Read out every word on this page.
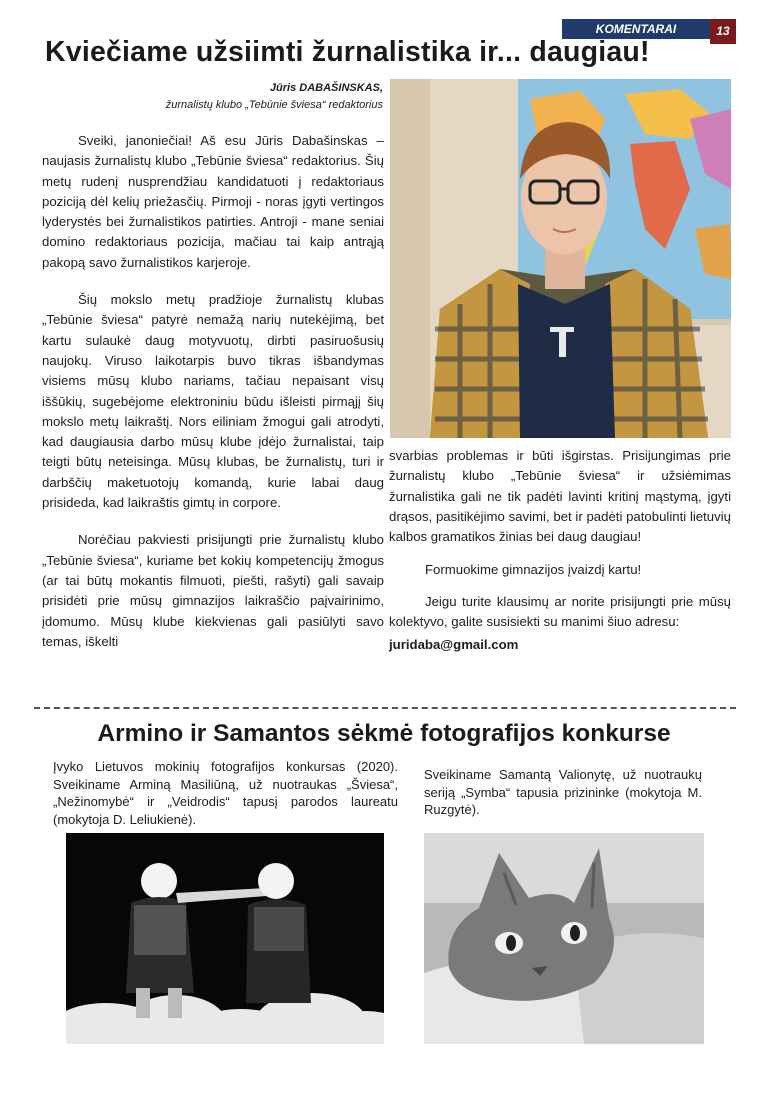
KOMENTARAI	13
Kviečiame užsiimti žurnalistika ir... daugiau!
Jūris DABAŠINSKAS,
žurnalistų klubo „Tebūnie šviesa“ redaktorius

Sveiki, janoniečiai! Aš esu Jūris Dabašinskas – naujasis žurnalistų klubo „Tebūnie šviesa“ redaktorius. Šių metų rudenį nusprendžiau kandidatuoti į redaktoriaus poziciją dėl kelių priežasčių. Pirmoji - noras įgyti vertingos lyderystės bei žurnalistikos patirties. Antroji - mane seniai domino redaktoriaus pozicija, mačiau tai kaip antrąją pakopą savo žurnalistikos karjeroje.

Šių mokslo metų pradžioje žurnalistų klubas „Tebūnie šviesa“ patyrė nemažą narių nutekėjimą, bet kartu sulaukė daug motyvuotų, dirbti pasiruošusių naujokų. Viruso laikotarpis buvo tikras išbandymas visiems mūsų klubo nariams, tačiau nepaisant visų iššūkių, sugebėjome elektroniniu būdu išleisti pirmąjį šių mokslo metų laikraštį. Nors eiliniam žmogui gali atrodyti, kad daugiausia darbo mūsų klube įdėjo žurnalistai, taip teigti būtų neteisinga. Mūsų klubas, be žurnalistų, turi ir darbščių maketuotojų komandą, kurie labai daug prisideda, kad laikraštis gimtų in corpore.

Norėčiau pakviesti prisijungti prie žurnalistų klubo „Tebūnie šviesa“, kuriame bet kokių kompetencijų žmogus (ar tai būtų mokantis filmuoti, piešti, rašyti) gali savaip prisidėti prie mūsų gimnazijos laikraščio paįvairinimo, įdomumo. Mūsų klube kiekvienas gali pasiūlyti savo temas, iškelti

svarbias problemas ir būti išgirstas. Prisijungimas prie žurnalistų klubo „Tebūnie šviesa“ ir užsiėmimas žurnalistika gali ne tik padėti lavinti kritinį mąstymą, įgyti drąsos, pasitikėjimo savimi, bet ir padėti patobulinti lietuvių kalbos gramatikos žinias bei daug daugiau!

Formuokime gimnazijos įvaizdį kartu!

Jeigu turite klausimų ar norite prisijungti prie mūsų kolektyvo, galite susisiekti su manimi šiuo adresu:

juridaba@gmail.com

Armino ir Samantos sėkmė fotografijos konkurse

Įvyko Lietuvos mokinių fotografijos konkursas (2020). Sveikiname Arminą Masiliūną, už nuotraukas „Šviesa“, „Nežinomybė“ ir „Veidrodis“ tapusį parodos laureatu (mokytoja D. Leliukienė).

Sveikiname Samantą Valionytę, už nuotraukų seriją „Symba“ tapusia prizininke (mokytoja M. Ruzgytė).
